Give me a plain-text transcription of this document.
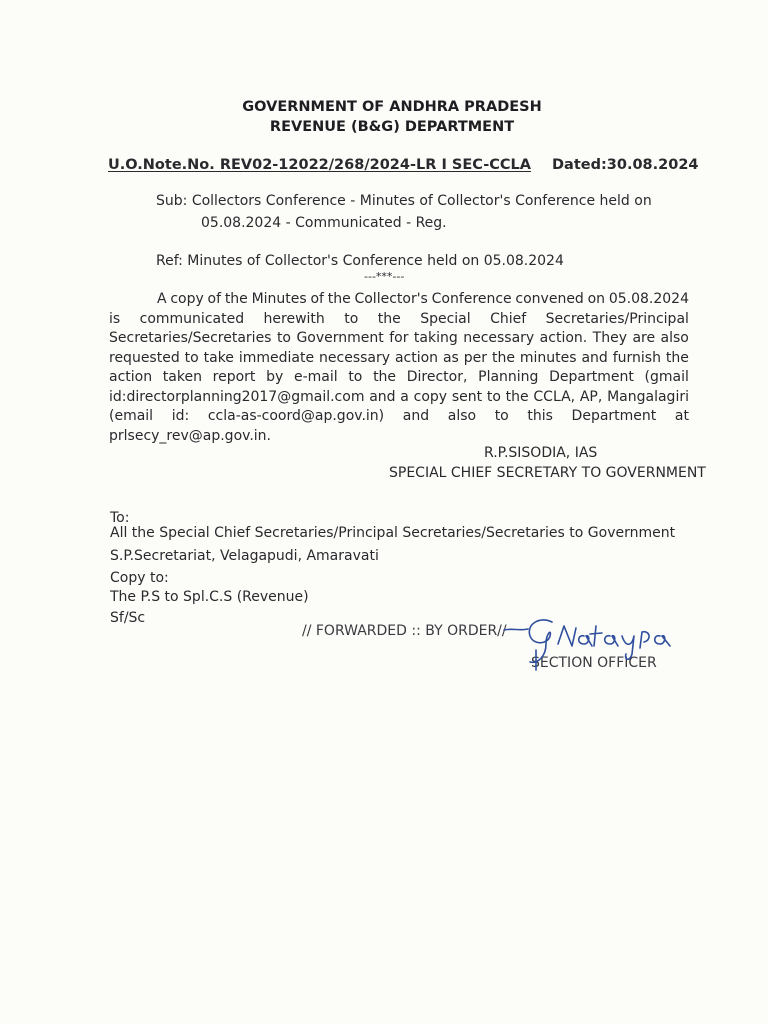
GOVERNMENT OF ANDHRA PRADESH
REVENUE (B&G) DEPARTMENT
U.O.Note.No. REV02-12022/268/2024-LR I SEC-CCLA Dated:30.08.2024
Sub: Collectors Conference - Minutes of Collector's Conference held on
05.08.2024 - Communicated - Reg.
Ref: Minutes of Collector's Conference held on 05.08.2024
---***---
A copy of the Minutes of the Collector's Conference convened on 05.08.2024
is communicated herewith to the Special Chief Secretaries/Principal
Secretaries/Secretaries to Government for taking necessary action. They are also
requested to take immediate necessary action as per the minutes and furnish the
action taken report by e-mail to the Director, Planning Department (gmail
id:directorplanning2017@gmail.com and a copy sent to the CCLA, AP, Mangalagiri
(email id: ccla-as-coord@ap.gov.in) and also to this Department at
prlsecy_rev@ap.gov.in.
R.P.SISODIA, IAS
SPECIAL CHIEF SECRETARY TO GOVERNMENT
To:
All the Special Chief Secretaries/Principal Secretaries/Secretaries to Government
S.P.Secretariat, Velagapudi, Amaravati
Copy to:
The P.S to Spl.C.S (Revenue)
Sf/Sc
// FORWARDED :: BY ORDER//
SECTION OFFICER
